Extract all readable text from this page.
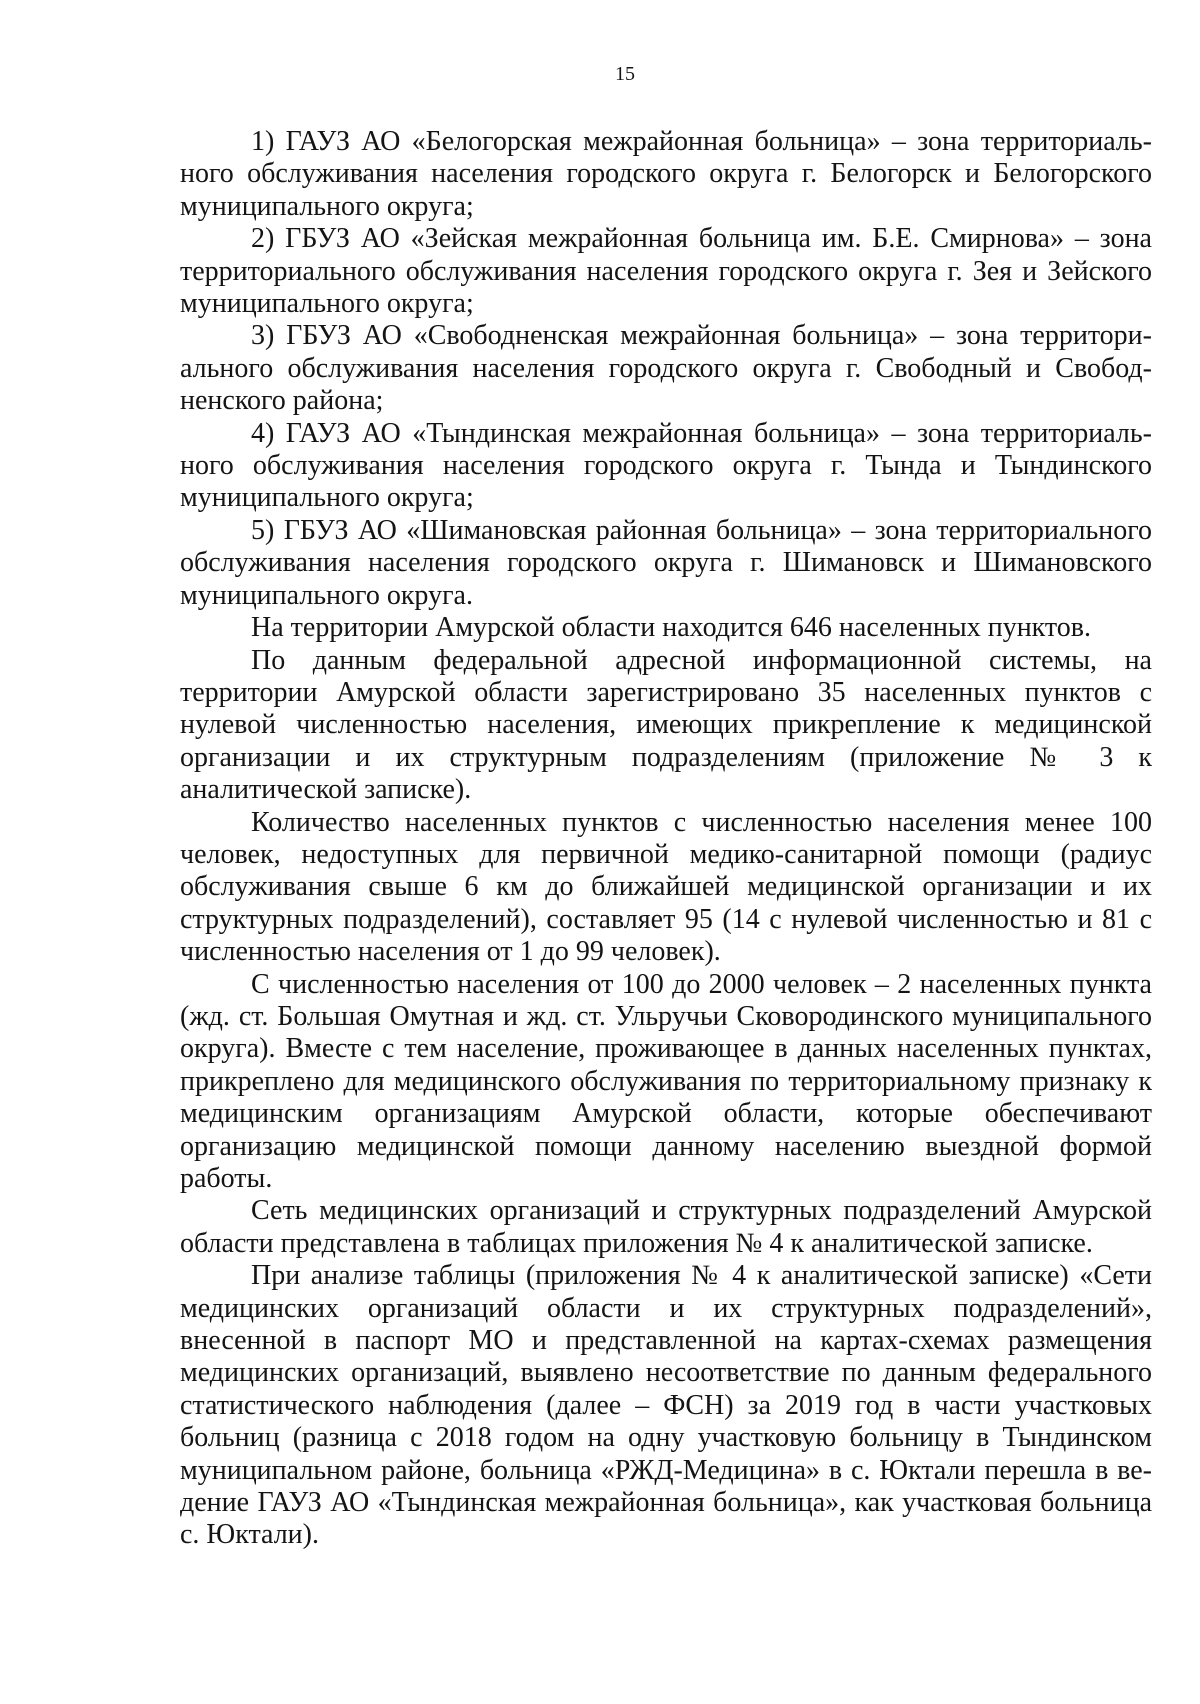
15

1) ГАУЗ АО «Белогорская межрайонная больница» – зона территориального обслуживания населения городского округа г. Белогорск и Белогорского муниципального округа;

2) ГБУЗ АО «Зейская межрайонная больница им. Б.Е. Смирнова» – зона территориального обслуживания населения городского округа г. Зея и Зейского муниципального округа;

3) ГБУЗ АО «Свободненская межрайонная больница» – зона территориального обслуживания населения городского округа г. Свободный и Свободненского района;

4) ГАУЗ АО «Тындинская межрайонная больница» – зона территориального обслуживания населения городского округа г. Тында и Тындинского муниципального округа;

5) ГБУЗ АО «Шимановская районная больница» – зона территориального обслуживания населения городского округа г. Шимановск и Шимановского муниципального округа.

На территории Амурской области находится 646 населенных пунктов.

По данным федеральной адресной информационной системы, на территории Амурской области зарегистрировано 35 населенных пунктов с нулевой численностью населения, имеющих прикрепление к медицинской организации и их структурным подразделениям (приложение № 3 к аналитической записке).

Количество населенных пунктов с численностью населения менее 100 человек, недоступных для первичной медико-санитарной помощи (радиус обслуживания свыше 6 км до ближайшей медицинской организации и их структурных подразделений), составляет 95 (14 с нулевой численностью и 81 с численностью населения от 1 до 99 человек).

С численностью населения от 100 до 2000 человек – 2 населенных пункта (жд. ст. Большая Омутная и жд. ст. Ульручьи Сковородинского муниципального округа). Вместе с тем население, проживающее в данных населенных пунктах, прикреплено для медицинского обслуживания по территориальному признаку к медицинским организациям Амурской области, которые обеспечивают организацию медицинской помощи данному населению выездной формой работы.

Сеть медицинских организаций и структурных подразделений Амурской области представлена в таблицах приложения № 4 к аналитической записке.

При анализе таблицы (приложения № 4 к аналитической записке) «Сети медицинских организаций области и их структурных подразделений», внесенной в паспорт МО и представленной на картах-схемах размещения медицинских организаций, выявлено несоответствие по данным федерального статистического наблюдения (далее – ФСН) за 2019 год в части участковых больниц (разница с 2018 годом на одну участковую больницу в Тындинском муниципальном районе, больница «РЖД-Медицина» в с. Юктали перешла в ведение ГАУЗ АО «Тындинская межрайонная больница», как участковая больница с. Юктали).
